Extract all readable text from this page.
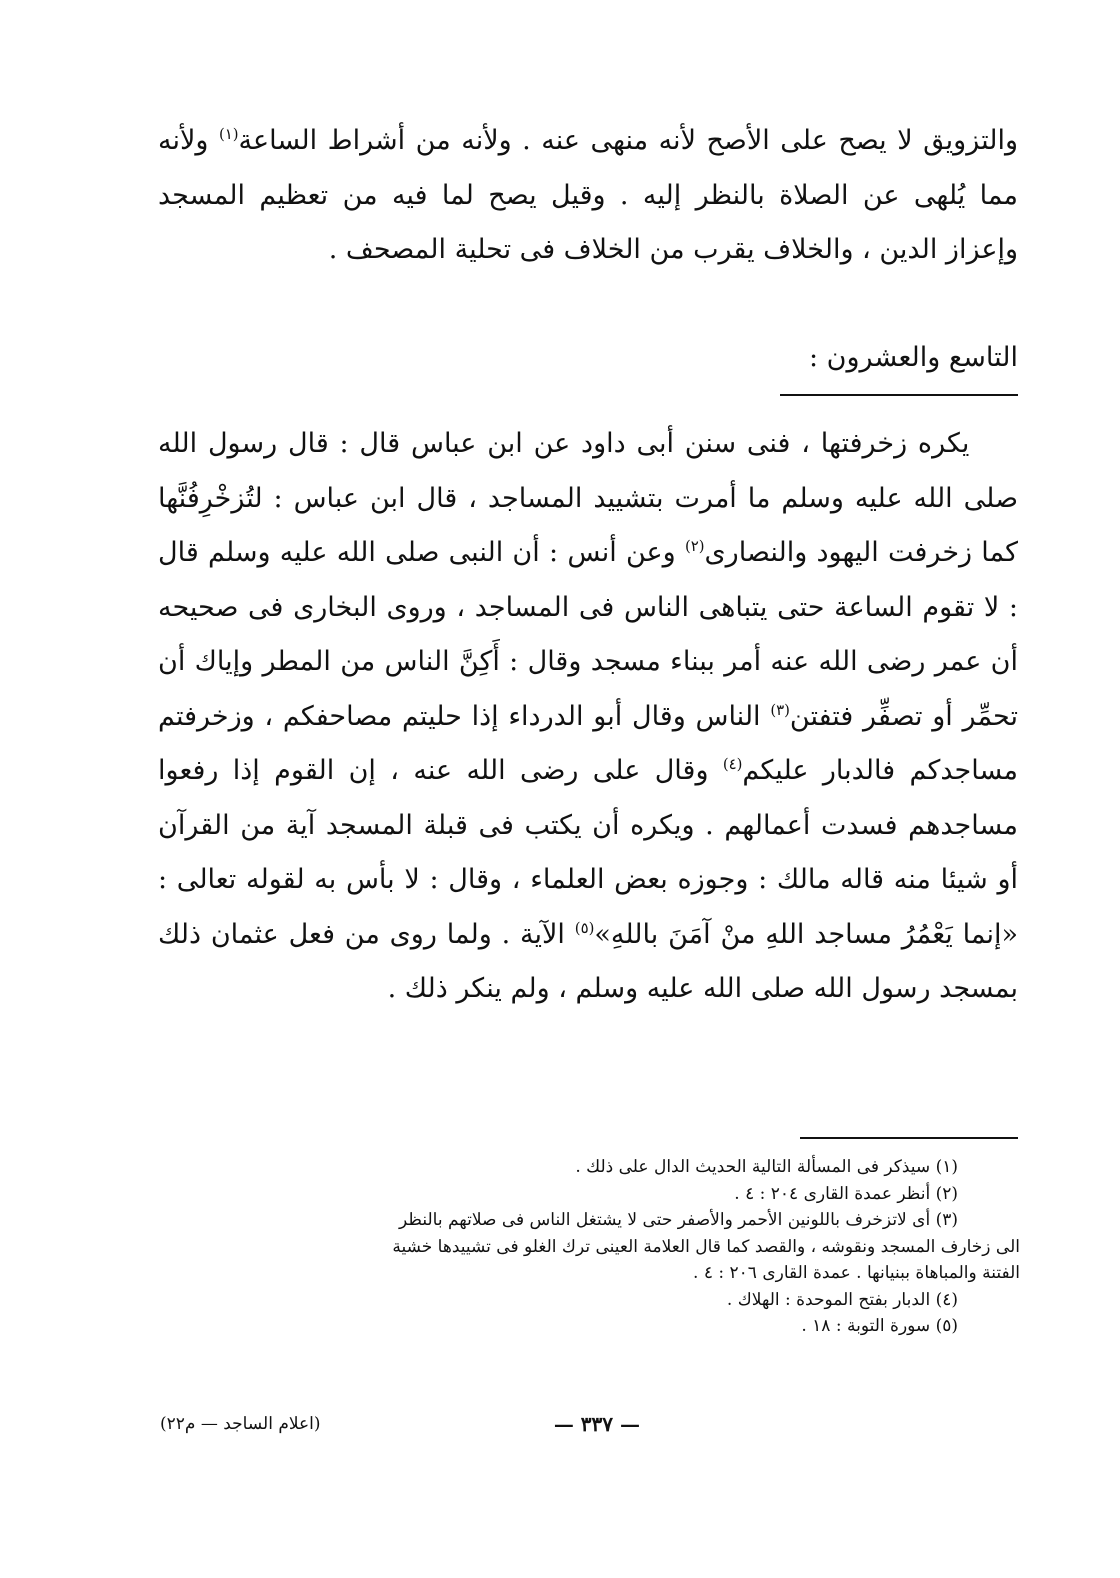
والتزويق لا يصح على الأصح لأنه منهى عنه . ولأنه من أشراط الساعة$^{(١)}$ ولأنه مما يُلهى عن الصلاة بالنظر إليه . وقيل يصح لما فيه من تعظيم المسجد وإعزاز الدين ، والخلاف يقرب من الخلاف فى تحلية المصحف .

التاسع والعشرون :

يكره زخرفتها ، فنى سنن أبى داود عن ابن عباس قال : قال رسول الله صلى الله عليه وسلم ما أمرت بتشييد المساجد ، قال ابن عباس : لتُزخْرِفُنَّها كما زخرفت اليهود والنصارى$^{(٢)}$ وعن أنس : أن النبى صلى الله عليه وسلم قال : لا تقوم الساعة حتى يتباهى الناس فى المساجد ، وروى البخارى فى صحيحه أن عمر رضى الله عنه أمر ببناء مسجد وقال : أَكِنَّ الناس من المطر وإياك أن تحمِّر أو تصفِّر فتفتن$^{(٣)}$ الناس وقال أبو الدرداء إذا حليتم مصاحفكم ، وزخرفتم مساجدكم فالدبار عليكم$^{(٤)}$ وقال على رضى الله عنه ، إن القوم إذا رفعوا مساجدهم فسدت أعمالهم . ويكره أن يكتب فى قبلة المسجد آية من القرآن أو شيئا منه قاله مالك : وجوزه بعض العلماء ، وقال : لا بأس به لقوله تعالى : «إنما يَعْمُرُ مساجد اللهِ منْ آمَنَ باللهِ»$^{(٥)}$ الآية . ولما روى من فعل عثمان ذلك بمسجد رسول الله صلى الله عليه وسلم ، ولم ينكر ذلك .

(١) سيذكر فى المسألة التالية الحديث الدال على ذلك .

(٢) أنظر عمدة القارى ٢٠٤ : ٤ .

(٣) أى لاتزخرف باللونين الأحمر والأصفر حتى لا يشتغل الناس فى صلاتهم بالنظر

الى زخارف المسجد ونقوشه ، والقصد كما قال العلامة العينى ترك الغلو فى تشييدها خشية

الفتنة والمباهاة ببنيانها . عمدة القارى ٢٠٦ : ٤ .

(٤) الدبار بفتح الموحدة : الهلاك .

(٥) سورة التوبة : ١٨ .

— ٣٣٧ —
(اعلام الساجد — م٢٢)
